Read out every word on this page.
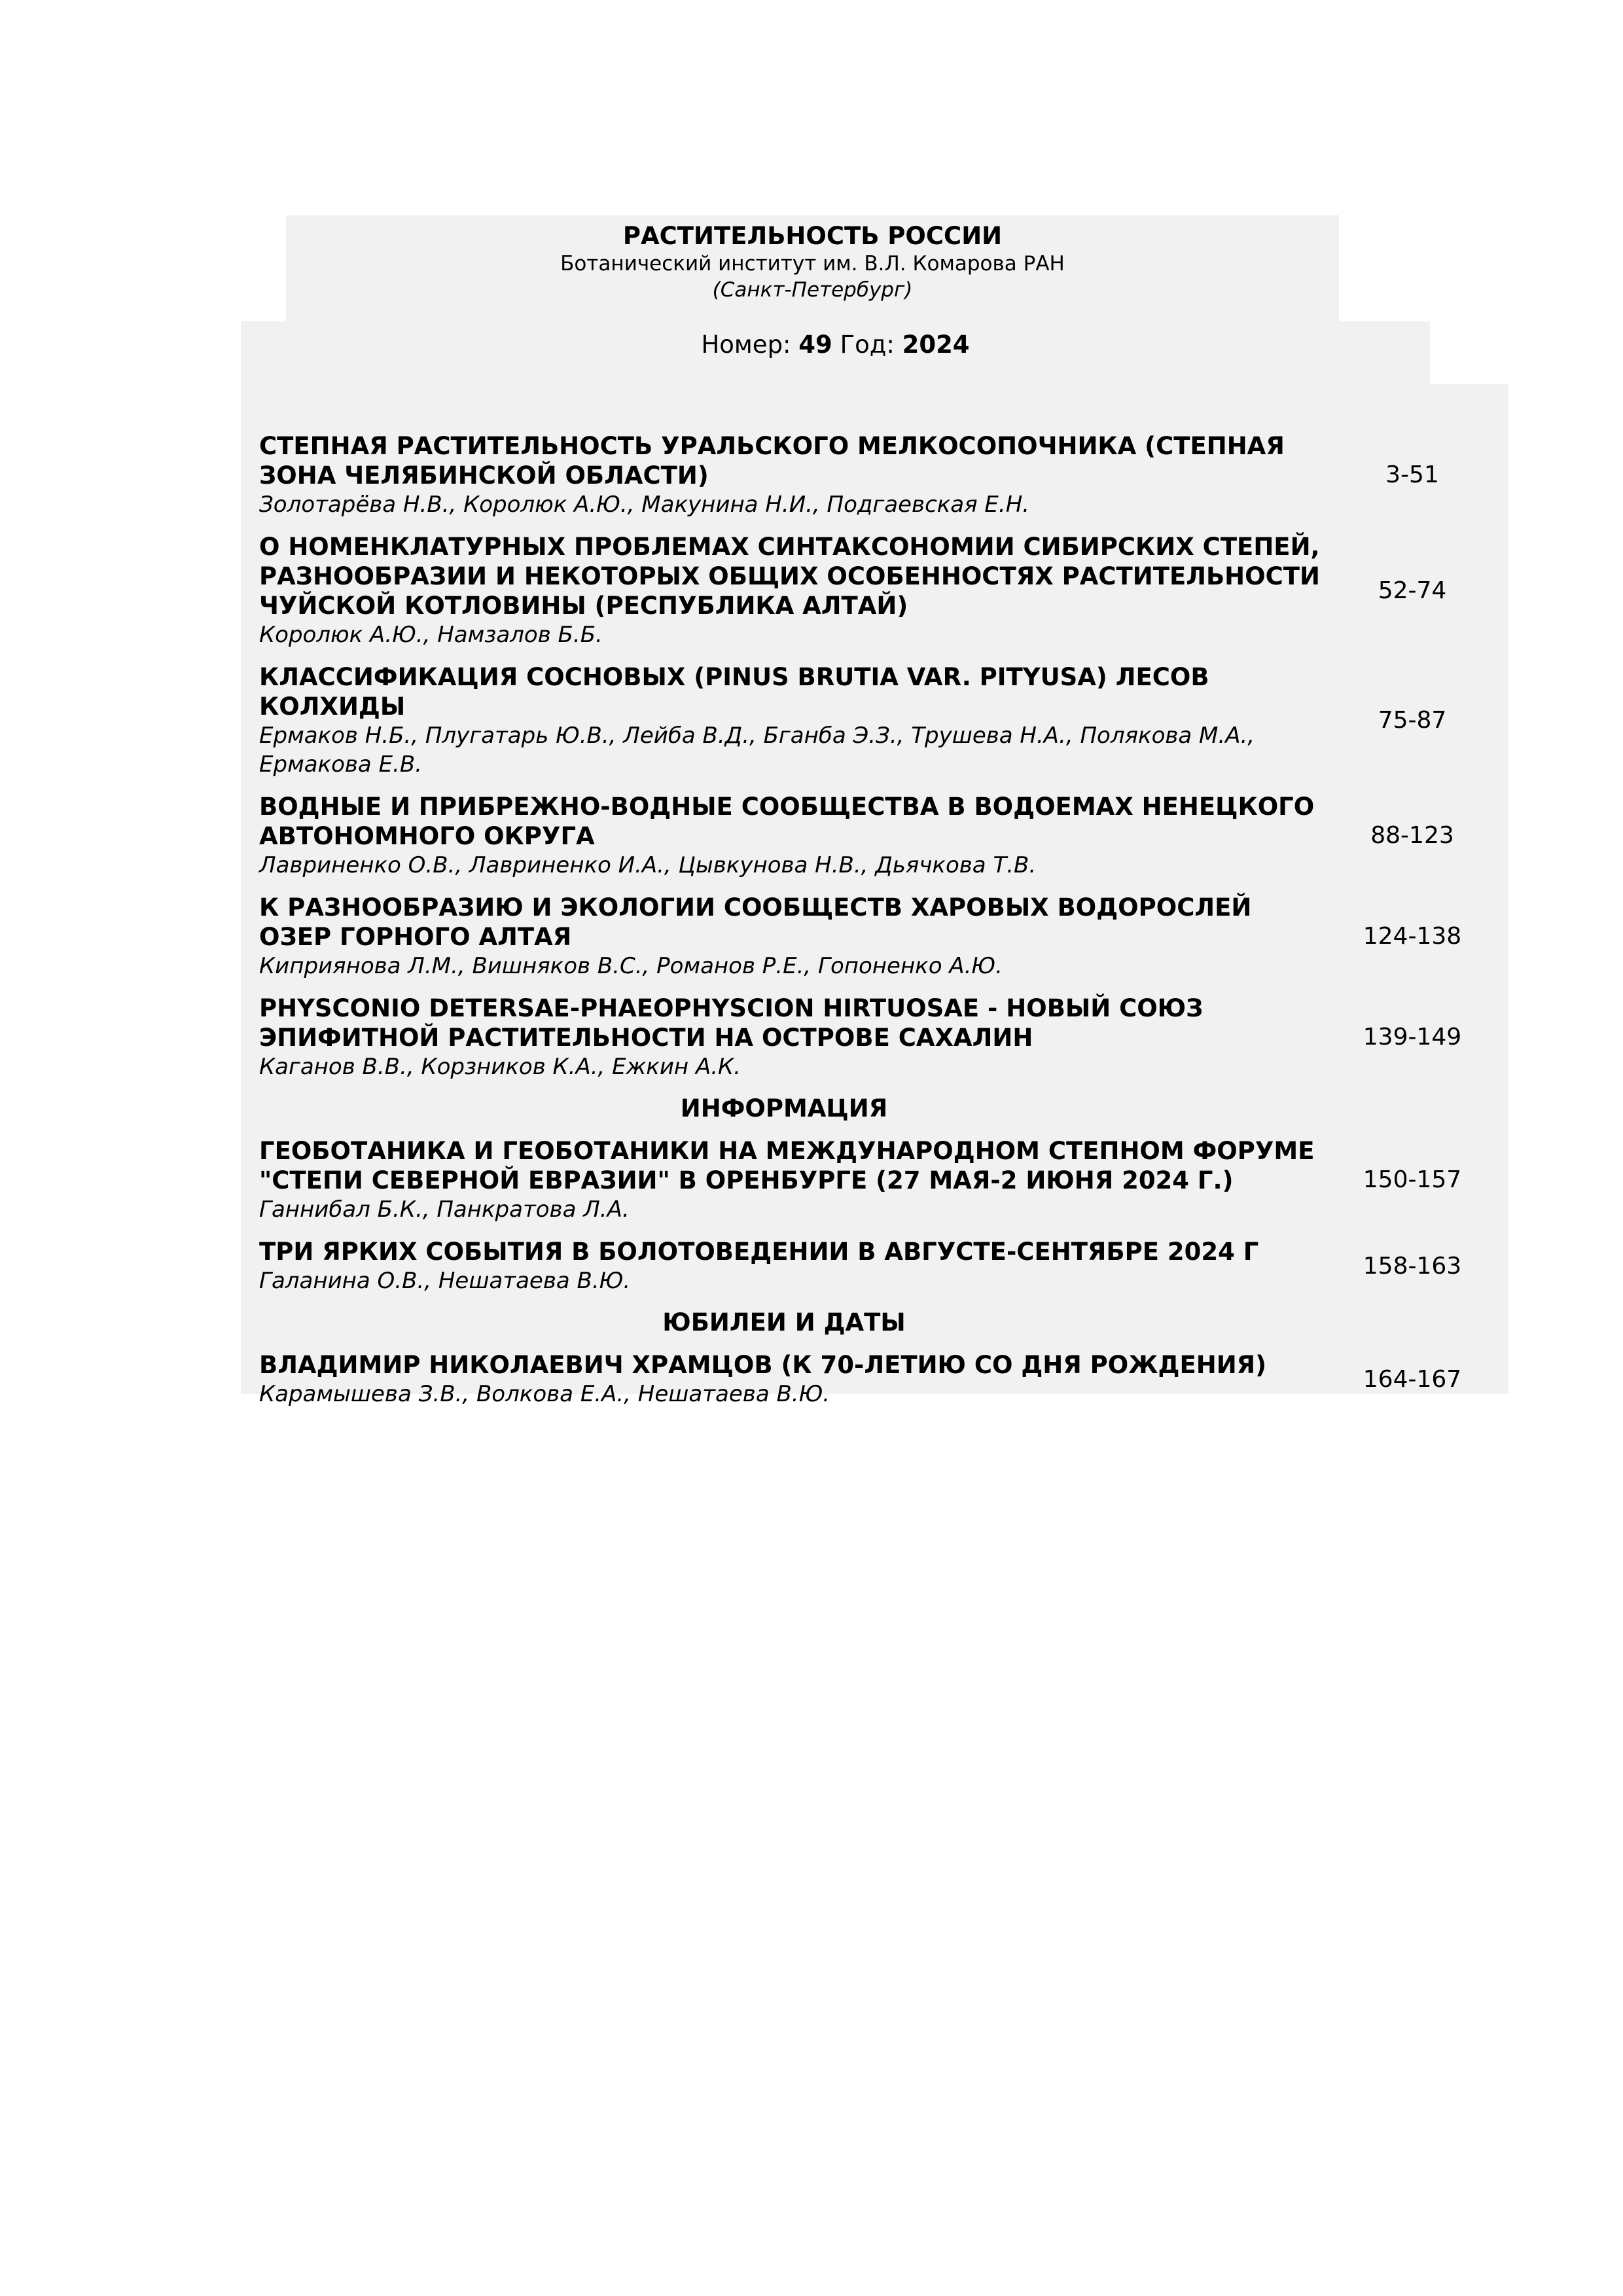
РАСТИТЕЛЬНОСТЬ РОССИИ
Ботанический институт им. В.Л. Комарова РАН
(Санкт-Петербург)
Номер: 49 Год: 2024
СТЕПНАЯ РАСТИТЕЛЬНОСТЬ УРАЛЬСКОГО МЕЛКОСОПОЧНИКА (СТЕПНАЯ ЗОНА ЧЕЛЯБИНСКОЙ ОБЛАСТИ)
Золотарёва Н.В., Королюк А.Ю., Макунина Н.И., Подгаевская Е.Н.
3-51
О НОМЕНКЛАТУРНЫХ ПРОБЛЕМАХ СИНТАКСОНОМИИ СИБИРСКИХ СТЕПЕЙ, РАЗНООБРАЗИИ И НЕКОТОРЫХ ОБЩИХ ОСОБЕННОСТЯХ РАСТИТЕЛЬНОСТИ ЧУЙСКОЙ КОТЛОВИНЫ (РЕСПУБЛИКА АЛТАЙ)
Королюк А.Ю., Намзалов Б.Б.
52-74
КЛАССИФИКАЦИЯ СОСНОВЫХ (PINUS BRUTIA VAR. PITYUSA) ЛЕСОВ КОЛХИДЫ
Ермаков Н.Б., Плугатарь Ю.В., Лейба В.Д., Бганба Э.З., Трушева Н.А., Полякова М.А., Ермакова Е.В.
75-87
ВОДНЫЕ И ПРИБРЕЖНО-ВОДНЫЕ СООБЩЕСТВА В ВОДОЕМАХ НЕНЕЦКОГО АВТОНОМНОГО ОКРУГА
Лавриненко О.В., Лавриненко И.А., Цывкунова Н.В., Дьячкова Т.В.
88-123
К РАЗНООБРАЗИЮ И ЭКОЛОГИИ СООБЩЕСТВ ХАРОВЫХ ВОДОРОСЛЕЙ ОЗЕР ГОРНОГО АЛТАЯ
Киприянова Л.М., Вишняков В.С., Романов Р.Е., Гопоненко А.Ю.
124-138
PHYSCONIO DETERSAE-PHAEOPHYSCION HIRTUOSAE - НОВЫЙ СОЮЗ ЭПИФИТНОЙ РАСТИТЕЛЬНОСТИ НА ОСТРОВЕ САХАЛИН
Каганов В.В., Корзников К.А., Ежкин А.К.
139-149
ИНФОРМАЦИЯ
ГЕОБОТАНИКА И ГЕОБОТАНИКИ НА МЕЖДУНАРОДНОМ СТЕПНОМ ФОРУМЕ "СТЕПИ СЕВЕРНОЙ ЕВРАЗИИ" В ОРЕНБУРГЕ (27 МАЯ-2 ИЮНЯ 2024 Г.)
Ганнибал Б.К., Панкратова Л.А.
150-157
ТРИ ЯРКИХ СОБЫТИЯ В БОЛОТОВЕДЕНИИ В АВГУСТЕ-СЕНТЯБРЕ 2024 Г
Галанина О.В., Нешатаева В.Ю.
158-163
ЮБИЛЕИ И ДАТЫ
ВЛАДИМИР НИКОЛАЕВИЧ ХРАМЦОВ (К 70-ЛЕТИЮ СО ДНЯ РОЖДЕНИЯ)
Карамышева З.В., Волкова Е.А., Нешатаева В.Ю.
164-167
